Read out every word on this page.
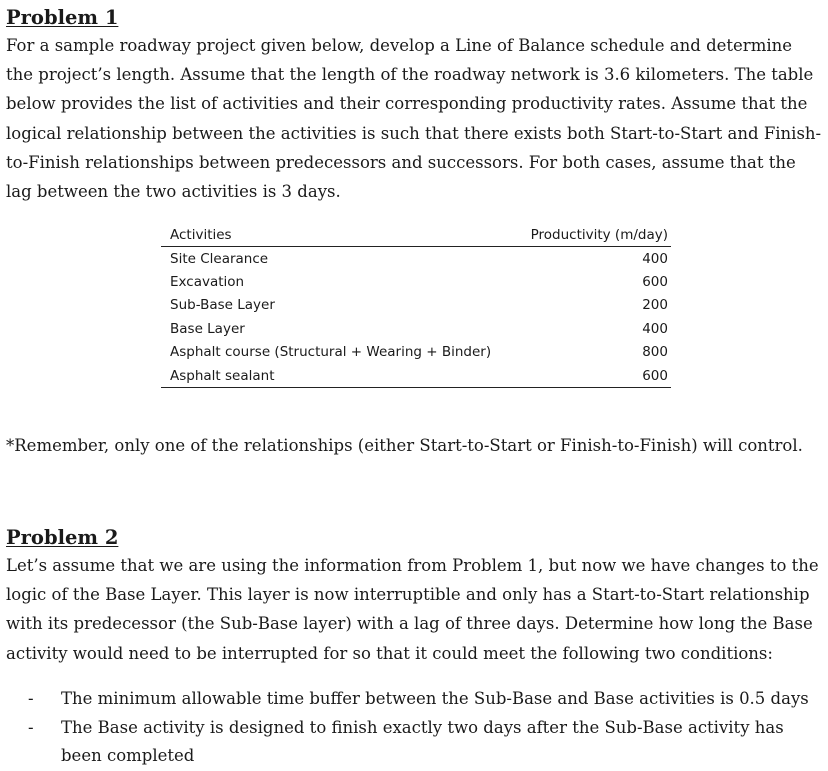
Problem 1

For a sample roadway project given below, develop a Line of Balance schedule and determine the project’s length. Assume that the length of the roadway network is 3.6 kilometers. The table below provides the list of activities and their corresponding productivity rates. Assume that the logical relationship between the activities is such that there exists both Start-to-Start and Finish-to-Finish relationships between predecessors and successors. For both cases, assume that the lag between the two activities is 3 days.

Activities	Productivity (m/day)
Site Clearance	400
Excavation	600
Sub-Base Layer	200
Base Layer	400
Asphalt course (Structural + Wearing + Binder)	800
Asphalt sealant	600

*Remember, only one of the relationships (either Start-to-Start or Finish-to-Finish) will control.

Problem 2

Let’s assume that we are using the information from Problem 1, but now we have changes to the logic of the Base Layer. This layer is now interruptible and only has a Start-to-Start relationship with its predecessor (the Sub-Base layer) with a lag of three days. Determine how long the Base activity would need to be interrupted for so that it could meet the following two conditions:

- The minimum allowable time buffer between the Sub-Base and Base activities is 0.5 days
- The Base activity is designed to finish exactly two days after the Sub-Base activity has been completed
